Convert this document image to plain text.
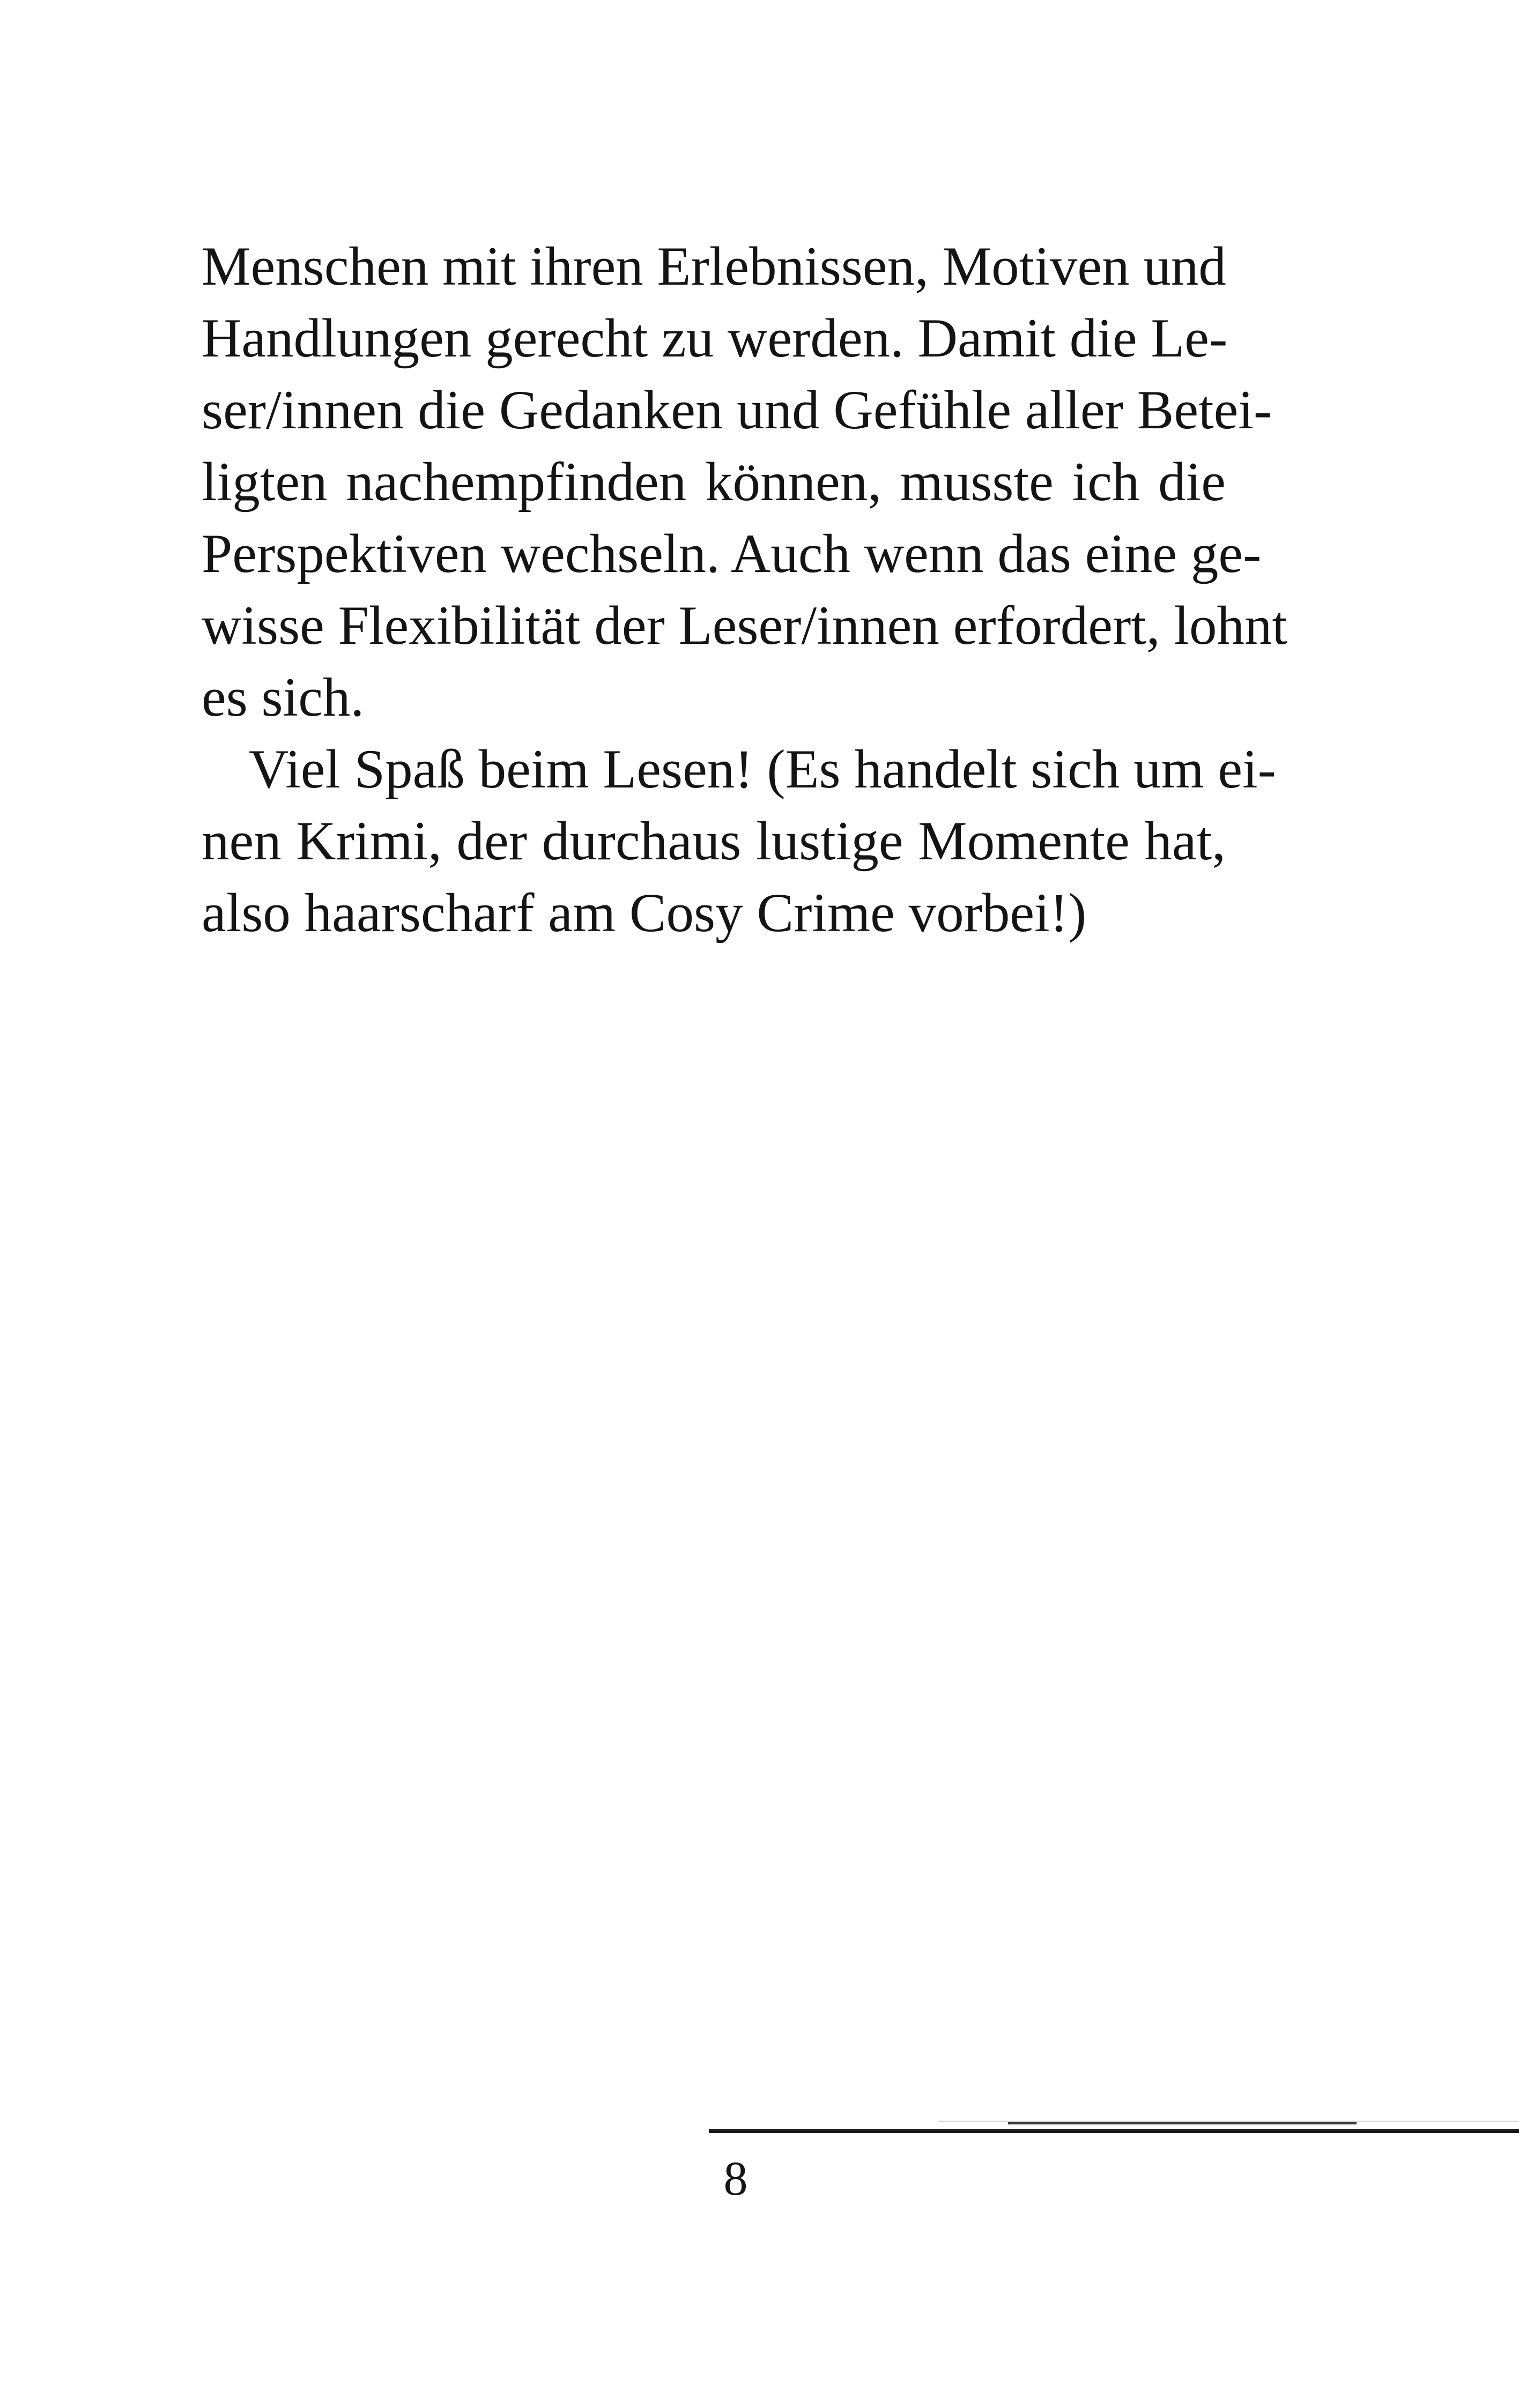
Menschen mit ihren Erlebnissen, Motiven und
Handlungen gerecht zu werden. Damit die Le-
ser/innen die Gedanken und Gefühle aller Betei-
ligten nachempfinden können, musste ich die
Perspektiven wechseln. Auch wenn das eine ge-
wisse Flexibilität der Leser/innen erfordert, lohnt
es sich.
Viel Spaß beim Lesen! (Es handelt sich um ei-
nen Krimi, der durchaus lustige Momente hat,
also haarscharf am Cosy Crime vorbei!)
8
